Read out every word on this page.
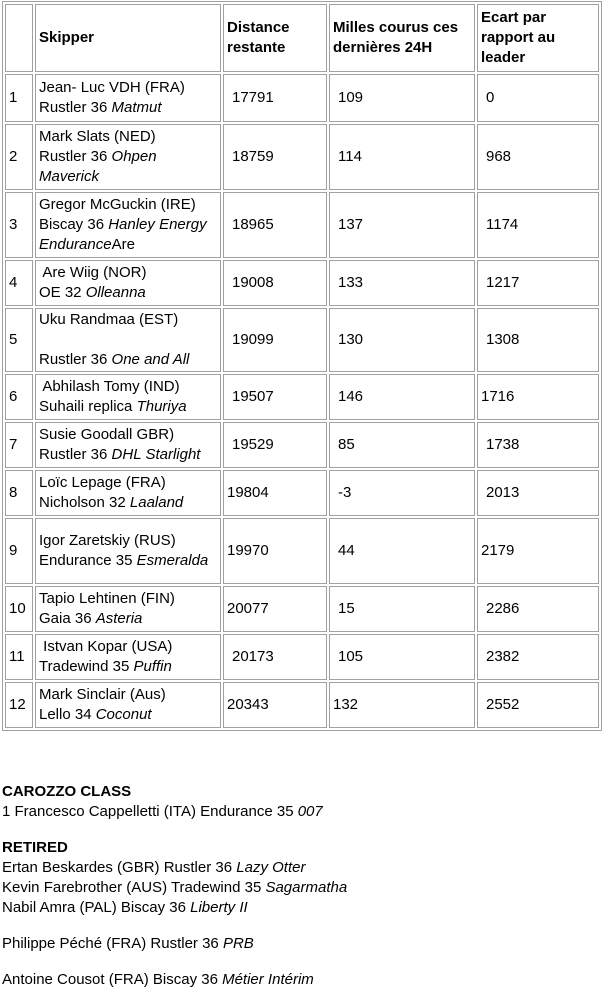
	Skipper	Distance restante	Milles courus ces dernières 24H	Ecart par rapport au leader
1	Jean- Luc VDH (FRA)
Rustler 36 Matmut	17791	109	0
2	Mark Slats (NED)
Rustler 36 Ohpen Maverick	18759	114	968
3	Gregor McGuckin (IRE)
Biscay 36 Hanley Energy EnduranceAre	18965	137	1174
4	Are Wiig (NOR)
OE 32 Olleanna	19008	133	1217
5	Uku Randmaa (EST)

Rustler 36 One and All	19099	130	1308
6	Abhilash Tomy (IND)
Suhaili replica Thuriya	19507	146	1716
7	Susie Goodall GBR)
Rustler 36 DHL Starlight	19529	85	1738
8	Loïc Lepage (FRA)
Nicholson 32 Laaland	19804	-3	2013
9	Igor Zaretskiy (RUS)
Endurance 35 Esmeralda	19970	44	2179
10	Tapio Lehtinen (FIN)
Gaia 36 Asteria	20077	15	2286
11	Istvan Kopar (USA)
Tradewind 35 Puffin	20173	105	2382
12	Mark Sinclair (Aus)
Lello 34 Coconut	20343	132	2552
CAROZZO CLASS
1 Francesco Cappelletti (ITA) Endurance 35 007
RETIRED
Ertan Beskardes (GBR) Rustler 36 Lazy Otter
Kevin Farebrother (AUS) Tradewind 35 Sagarmatha
Nabil Amra (PAL) Biscay 36 Liberty II
Philippe Péché (FRA) Rustler 36 PRB
Antoine Cousot (FRA) Biscay 36 Métier Intérim
